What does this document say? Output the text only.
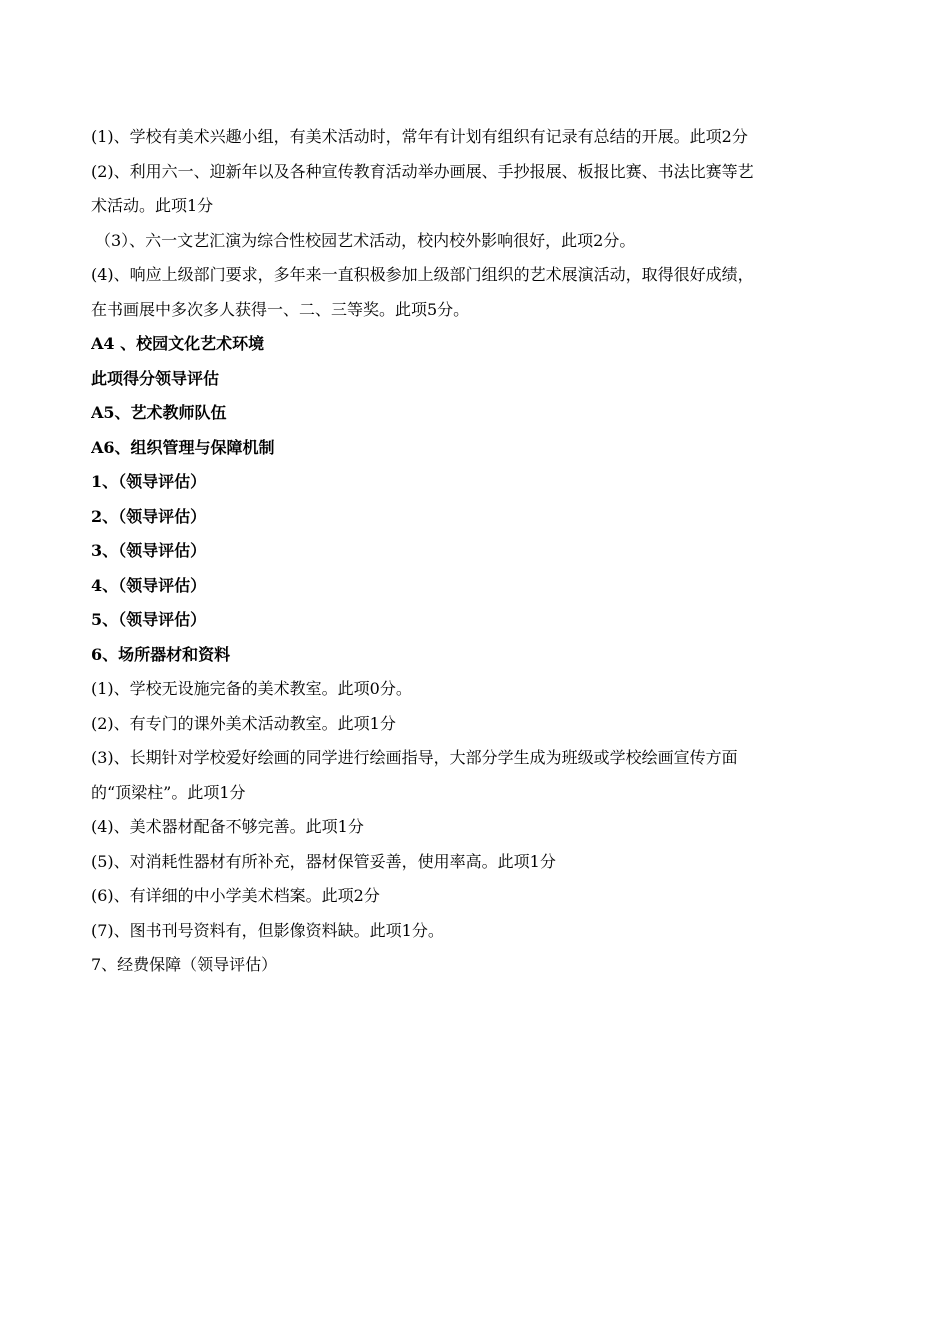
(1)、学校有美术兴趣小组，有美术活动时，常年有计划有组织有记录有总结的开展。此项2分
(2)、利用六一、迎新年以及各种宣传教育活动举办画展、手抄报展、板报比赛、书法比赛等艺
术活动。此项1分
（3）、六一文艺汇演为综合性校园艺术活动，校内校外影响很好，此项2分。
(4)、响应上级部门要求，多年来一直积极参加上级部门组织的艺术展演活动，取得很好成绩，
在书画展中多次多人获得一、二、三等奖。此项5分。
A4 、校园文化艺术环境
此项得分领导评估
A5、艺术教师队伍
A6、组织管理与保障机制
1、（领导评估）
2、（领导评估）
3、（领导评估）
4、（领导评估）
5、（领导评估）
6、场所器材和资料
(1)、学校无设施完备的美术教室。此项0分。
(2)、有专门的课外美术活动教室。此项1分
(3)、长期针对学校爱好绘画的同学进行绘画指导，大部分学生成为班级或学校绘画宣传方面
的“顶梁柱”。此项1分
(4)、美术器材配备不够完善。此项1分
(5)、对消耗性器材有所补充，器材保管妥善，使用率高。此项1分
(6)、有详细的中小学美术档案。此项2分
(7)、图书刊号资料有，但影像资料缺。此项1分。
7、经费保障（领导评估）
